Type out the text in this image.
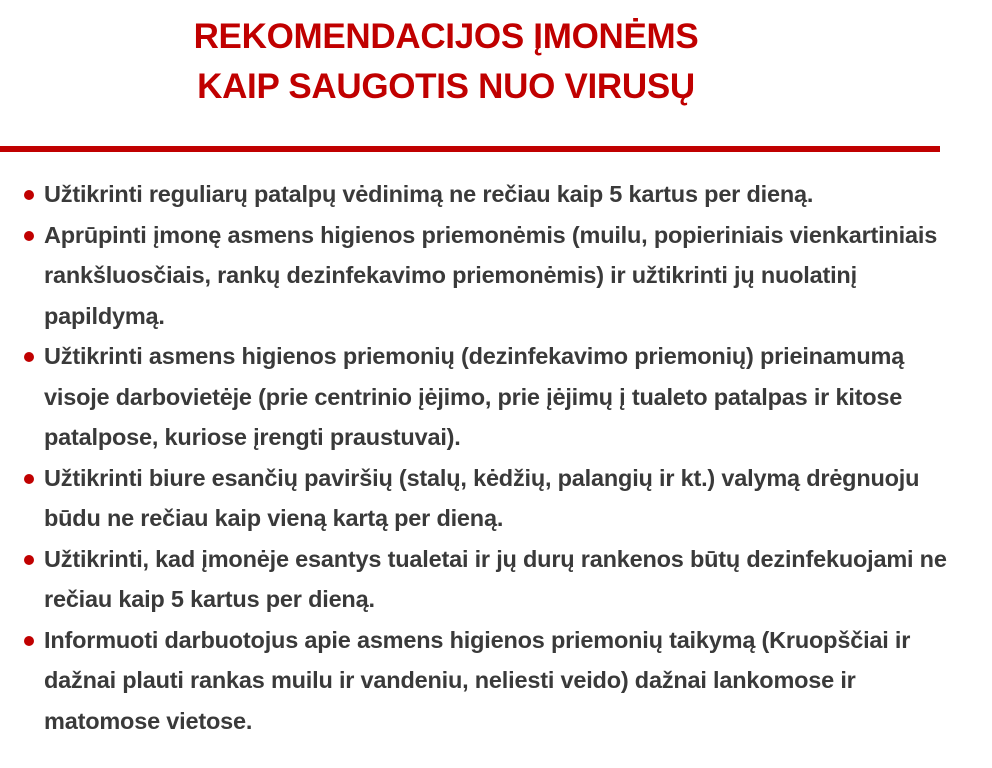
REKOMENDACIJOS ĮMONĖMS
KAIP SAUGOTIS NUO VIRUSŲ
Užtikrinti reguliarų patalpų vėdinimą ne rečiau kaip 5 kartus per dieną.
Aprūpinti įmonę asmens higienos priemonėmis (muilu, popieriniais vienkartiniais rankšluosčiais, rankų dezinfekavimo priemonėmis) ir užtikrinti jų nuolatinį papildymą.
Užtikrinti asmens higienos priemonių (dezinfekavimo priemonių) prieinamumą visoje darbovietėje (prie centrinio įėjimo, prie įėjimų į tualeto patalpas ir kitose patalpose, kuriose įrengti praustuvai).
Užtikrinti biure esančių paviršių (stalų, kėdžių, palangių ir kt.) valymą drėgnuoju būdu ne rečiau kaip vieną kartą per dieną.
Užtikrinti, kad įmonėje esantys tualetai ir jų durų rankenos būtų dezinfekuojami ne rečiau kaip 5 kartus per dieną.
Informuoti darbuotojus apie asmens higienos priemonių taikymą (Kruopščiai ir dažnai plauti rankas muilu ir vandeniu, neliesti veido) dažnai lankomose ir matomose vietose.
